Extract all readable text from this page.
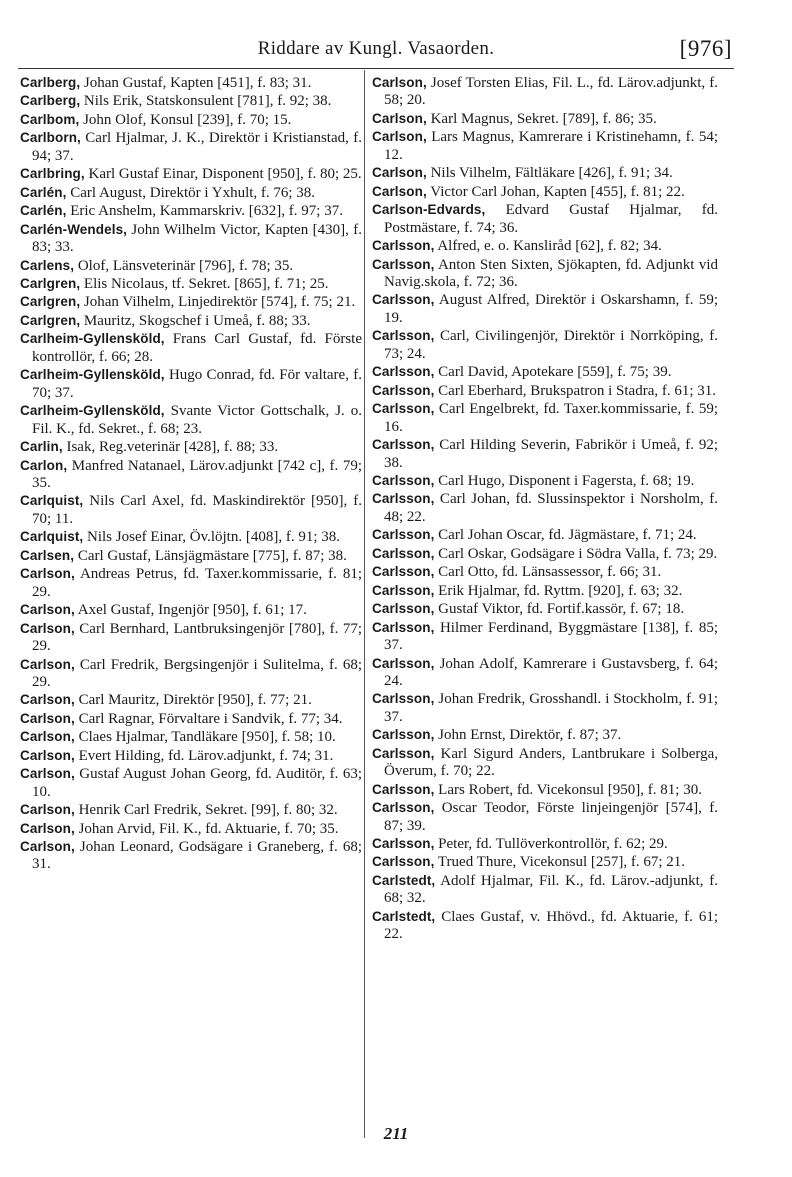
Riddare av Kungl. Vasaorden.	[976]

Carlberg, Johan Gustaf, Kapten [451], f. 83; 31.

Carlberg, Nils Erik, Statskonsulent [781], f. 92; 38.

Carlbom, John Olof, Konsul [239], f. 70; 15.

Carlborn, Carl Hjalmar, J. K., Direktör i Kristianstad, f. 94; 37.

Carlbring, Karl Gustaf Einar, Disponent [950], f. 80; 25.

Carlén, Carl August, Direktör i Yxhult, f. 76; 38.

Carlén, Eric Anshelm, Kammarskriv. [632], f. 97; 37.

Carlén-Wendels, John Wilhelm Victor, Kapten [430], f. 83; 33.

Carlens, Olof, Länsveterinär [796], f. 78; 35.

Carlgren, Elis Nicolaus, tf. Sekret. [865], f. 71; 25.

Carlgren, Johan Vilhelm, Linjedirektör [574], f. 75; 21.

Carlgren, Mauritz, Skogschef i Umeå, f. 88; 33.

Carlheim-Gyllensköld, Frans Carl Gustaf, fd. Förste kontrollör, f. 66; 28.

Carlheim-Gyllensköld, Hugo Conrad, fd. För valtare, f. 70; 37.

Carlheim-Gyllensköld, Svante Victor Gottschalk, J. o. Fil. K., fd. Sekret., f. 68; 23.

Carlin, Isak, Reg.veterinär [428], f. 88; 33.

Carlon, Manfred Natanael, Lärov.adjunkt [742 c], f. 79; 35.

Carlquist, Nils Carl Axel, fd. Maskindirektör [950], f. 70; 11.

Carlquist, Nils Josef Einar, Öv.löjtn. [408], f. 91; 38.

Carlsen, Carl Gustaf, Länsjägmästare [775], f. 87; 38.

Carlson, Andreas Petrus, fd. Taxer.kommissarie, f. 81; 29.

Carlson, Axel Gustaf, Ingenjör [950], f. 61; 17.

Carlson, Carl Bernhard, Lantbruksingenjör [780], f. 77; 29.

Carlson, Carl Fredrik, Bergsingenjör i Sulitelma, f. 68; 29.

Carlson, Carl Mauritz, Direktör [950], f. 77; 21.

Carlson, Carl Ragnar, Förvaltare i Sandvik, f. 77; 34.

Carlson, Claes Hjalmar, Tandläkare [950], f. 58; 10.

Carlson, Evert Hilding, fd. Lärov.adjunkt, f. 74; 31.

Carlson, Gustaf August Johan Georg, fd. Auditör, f. 63; 10.

Carlson, Henrik Carl Fredrik, Sekret. [99], f. 80; 32.

Carlson, Johan Arvid, Fil. K., fd. Aktuarie, f. 70; 35.

Carlson, Johan Leonard, Godsägare i Graneberg, f. 68; 31.

Carlson, Josef Torsten Elias, Fil. L., fd. Lärov.adjunkt, f. 58; 20.

Carlson, Karl Magnus, Sekret. [789], f. 86; 35.

Carlson, Lars Magnus, Kamrerare i Kristinehamn, f. 54; 12.

Carlson, Nils Vilhelm, Fältläkare [426], f. 91; 34.

Carlson, Victor Carl Johan, Kapten [455], f. 81; 22.

Carlson-Edvards, Edvard Gustaf Hjalmar, fd. Postmästare, f. 74; 36.

Carlsson, Alfred, e. o. Kansliråd [62], f. 82; 34.

Carlsson, Anton Sten Sixten, Sjökapten, fd. Adjunkt vid Navig.skola, f. 72; 36.

Carlsson, August Alfred, Direktör i Oskarshamn, f. 59; 19.

Carlsson, Carl, Civilingenjör, Direktör i Norrköping, f. 73; 24.

Carlsson, Carl David, Apotekare [559], f. 75; 39.

Carlsson, Carl Eberhard, Brukspatron i Stadra, f. 61; 31.

Carlsson, Carl Engelbrekt, fd. Taxer.kommissarie, f. 59; 16.

Carlsson, Carl Hilding Severin, Fabrikör i Umeå, f. 92; 38.

Carlsson, Carl Hugo, Disponent i Fagersta, f. 68; 19.

Carlsson, Carl Johan, fd. Slussinspektor i Norsholm, f. 48; 22.

Carlsson, Carl Johan Oscar, fd. Jägmästare, f. 71; 24.

Carlsson, Carl Oskar, Godsägare i Södra Valla, f. 73; 29.

Carlsson, Carl Otto, fd. Länsassessor, f. 66; 31.

Carlsson, Erik Hjalmar, fd. Ryttm. [920], f. 63; 32.

Carlsson, Gustaf Viktor, fd. Fortif.kassör, f. 67; 18.

Carlsson, Hilmer Ferdinand, Byggmästare [138], f. 85; 37.

Carlsson, Johan Adolf, Kamrerare i Gustavsberg, f. 64; 24.

Carlsson, Johan Fredrik, Grosshandl. i Stockholm, f. 91; 37.

Carlsson, John Ernst, Direktör, f. 87; 37.

Carlsson, Karl Sigurd Anders, Lantbrukare i Solberga, Överum, f. 70; 22.

Carlsson, Lars Robert, fd. Vicekonsul [950], f. 81; 30.

Carlsson, Oscar Teodor, Förste linjeingenjör [574], f. 87; 39.

Carlsson, Peter, fd. Tullöverkontrollör, f. 62; 29.

Carlsson, Trued Thure, Vicekonsul [257], f. 67; 21.

Carlstedt, Adolf Hjalmar, Fil. K., fd. Lärov.-adjunkt, f. 68; 32.

Carlstedt, Claes Gustaf, v. Hhövd., fd. Aktuarie, f. 61; 22.

211
